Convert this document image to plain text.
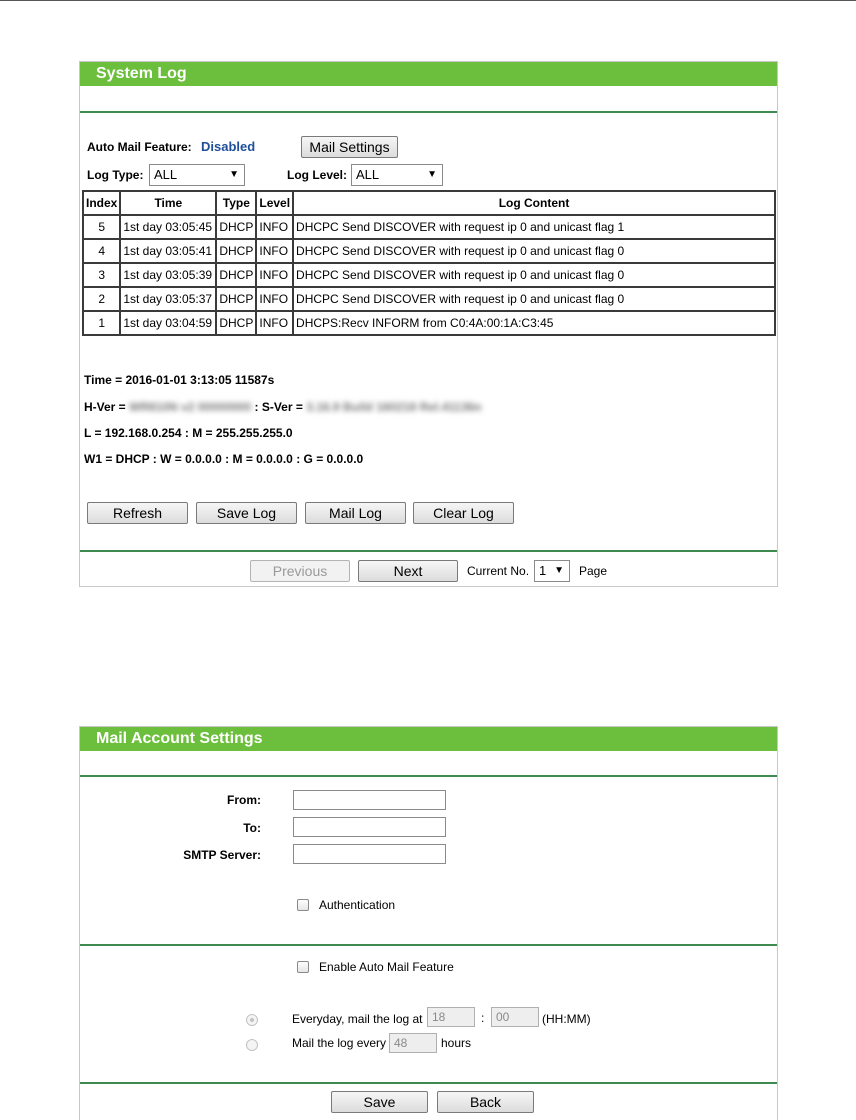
System Log
Auto Mail Feature: Disabled	Mail Settings
Log Type: ALL	▼	Log Level: ALL	▼
Index	Time	Type	Level	Log Content
5	1st day 03:05:45	DHCP	INFO	DHCPC Send DISCOVER with request ip 0 and unicast flag 1
4	1st day 03:05:41	DHCP	INFO	DHCPC Send DISCOVER with request ip 0 and unicast flag 0
3	1st day 03:05:39	DHCP	INFO	DHCPC Send DISCOVER with request ip 0 and unicast flag 0
2	1st day 03:05:37	DHCP	INFO	DHCPC Send DISCOVER with request ip 0 and unicast flag 0
1	1st day 03:04:59	DHCP	INFO	DHCPS:Recv INFORM from C0:4A:00:1A:C3:45
Time = 2016-01-01 3:13:05 11587s
H-Ver = WR810N v2 00000000 : S-Ver = 3.16.9 Build 160218 Rel.41136n
L = 192.168.0.254 : M = 255.255.255.0
W1 = DHCP : W = 0.0.0.0 : M = 0.0.0.0 : G = 0.0.0.0
Refresh	Save Log	Mail Log	Clear Log
Previous	Next	Current No. 1 ▼ Page
Mail Account Settings
From:
To:
SMTP Server:
Authentication
Enable Auto Mail Feature
Everyday, mail the log at 18	: 00	(HH:MM)
Mail the log every 48	hours
Save	Back
